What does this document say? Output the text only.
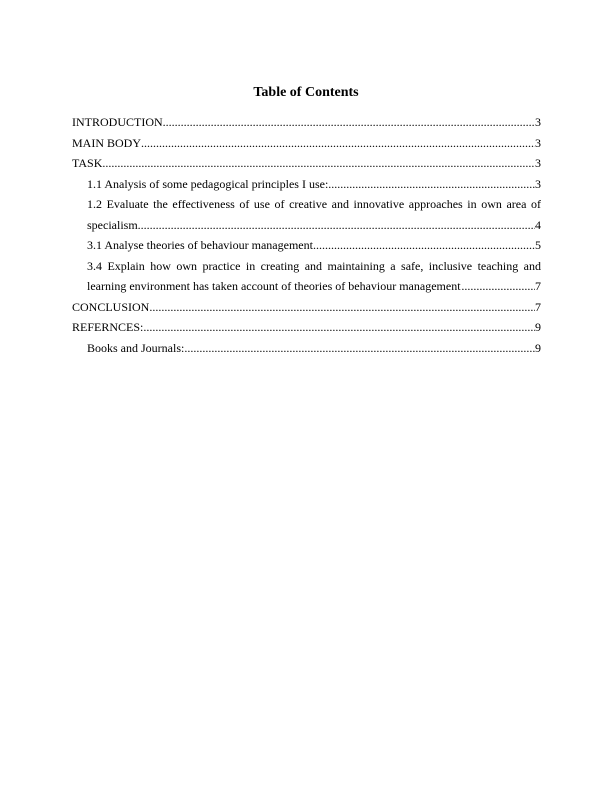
Table of Contents
INTRODUCTION .....	3
MAIN BODY .....	3
TASK .....	3
1.1 Analysis of some pedagogical principles I use: .....	3
1.2 Evaluate the effectiveness of use of creative and innovative approaches in own area of
specialism .....	4
3.1 Analyse theories of behaviour management .....	5
3.4 Explain how own practice in creating and maintaining a safe, inclusive teaching and
learning environment has taken account of theories of behaviour management .....	7
CONCLUSION .....	7
REFERNCES: .....	9
Books and Journals: .....	9
